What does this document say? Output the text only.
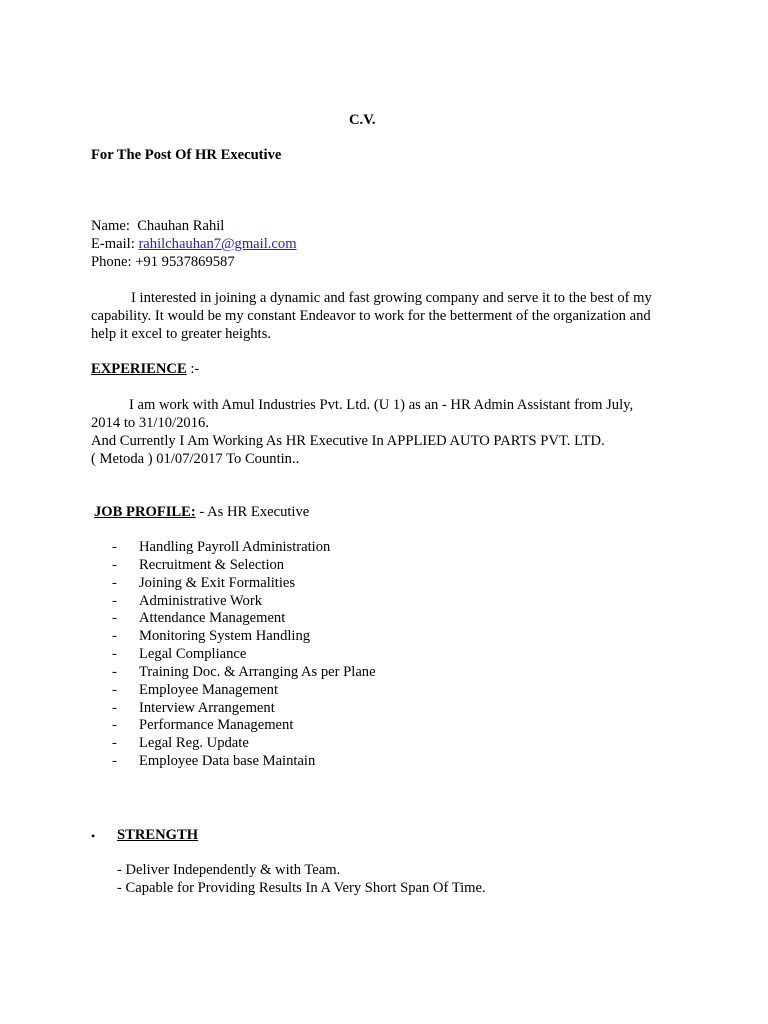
C.V.
For The Post Of HR Executive
Name: Chauhan Rahil
E-mail: rahilchauhan7@gmail.com
Phone: +91 9537869587
I interested in joining a dynamic and fast growing company and serve it to the best of my
capability. It would be my constant Endeavor to work for the betterment of the organization and
help it excel to greater heights.
EXPERIENCE :-
I am work with Amul Industries Pvt. Ltd. (U 1) as an - HR Admin Assistant from July,
2014 to 31/10/2016.
And Currently I Am Working As HR Executive In APPLIED AUTO PARTS PVT. LTD.
( Metoda ) 01/07/2017 To Countin..
JOB PROFILE: - As HR Executive
- Handling Payroll Administration
- Recruitment & Selection
- Joining & Exit Formalities
- Administrative Work
- Attendance Management
- Monitoring System Handling
- Legal Compliance
- Training Doc. & Arranging As per Plane
- Employee Management
- Interview Arrangement
- Performance Management
- Legal Reg. Update
- Employee Data base Maintain
• STRENGTH
- Deliver Independently & with Team.
- Capable for Providing Results In A Very Short Span Of Time.
